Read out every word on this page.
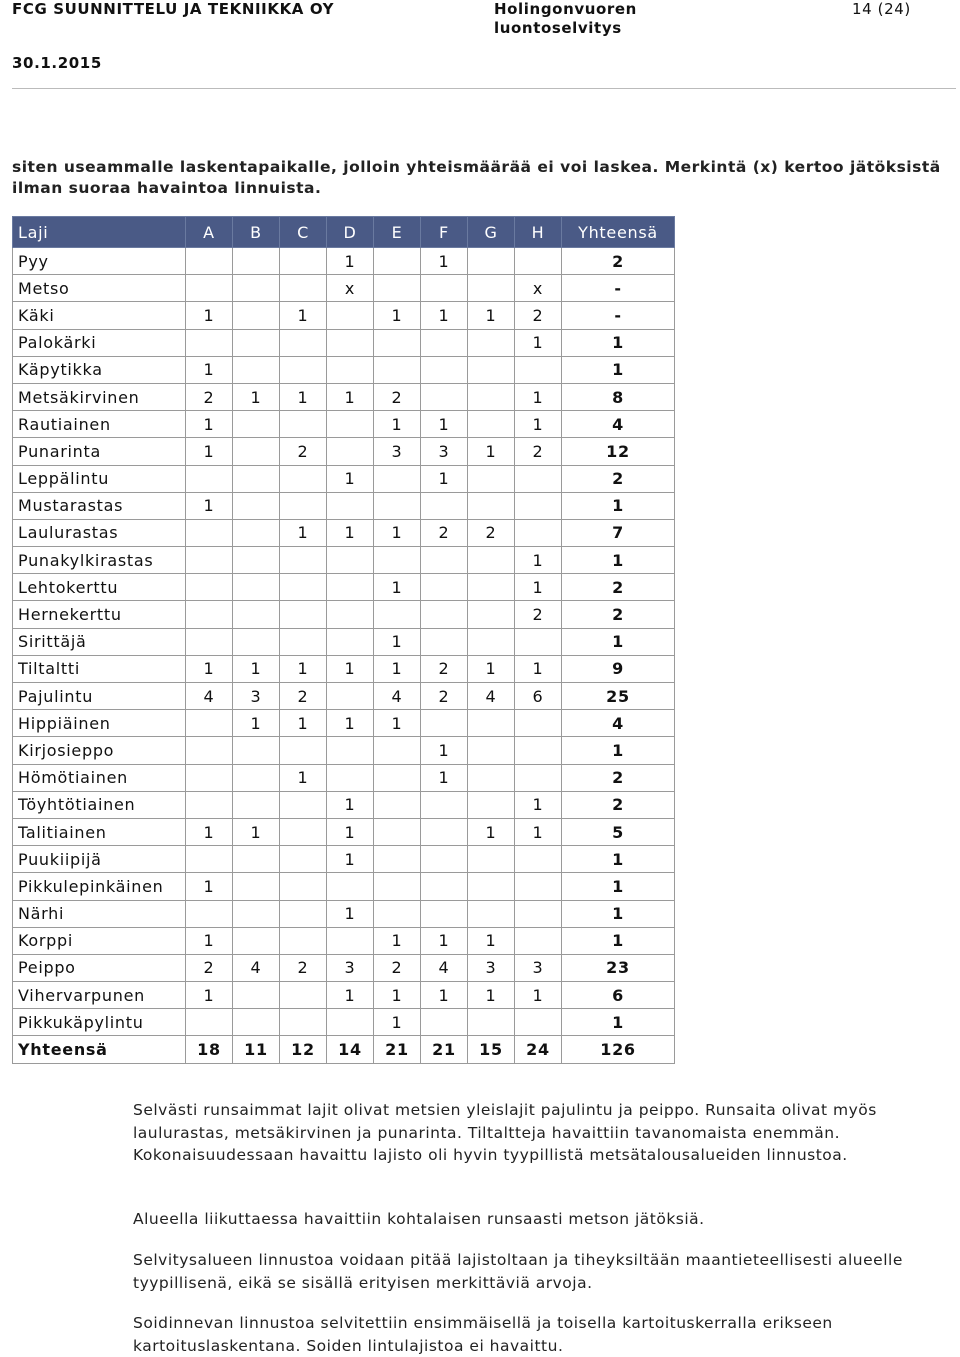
FCG SUUNNITTELU JA TEKNIIKKA OY	Holingonvuoren
luontoselvitys
14 (24)
30.1.2015
siten useammalle laskentapaikalle, jolloin yhteismäärää ei voi laskea. Merkintä (x) kertoo jätöksistä ilman suoraa havaintoa linnuista.
Laji	A	B	C	D	E	F	G	H	Yhteensä
Pyy				1		1			2
Metso				x				x	-
Käki	1		1		1	1	1	2	-
Palokärki								1	1
Käpytikka	1								1
Metsäkirvinen	2	1	1	1	2			1	8
Rautiainen	1				1	1		1	4
Punarinta	1		2		3	3	1	2	12
Leppälintu				1		1			2
Mustarastas	1								1
Laulurastas			1	1	1	2	2		7
Punakylkirastas								1	1
Lehtokerttu					1			1	2
Hernekerttu								2	2
Sirittäjä					1				1
Tiltaltti	1	1	1	1	1	2	1	1	9
Pajulintu	4	3	2		4	2	4	6	25
Hippiäinen		1	1	1	1				4
Kirjosieppo						1			1
Hömötiainen			1			1			2
Töyhtötiainen				1				1	2
Talitiainen	1	1		1			1	1	5
Puukiipijä				1					1
Pikkulepinkäinen	1								1
Närhi				1					1
Korppi	1				1	1	1		1
Peippo	2	4	2	3	2	4	3	3	23
Vihervarpunen	1			1	1	1	1	1	6
Pikkukäpylintu					1				1
Yhteensä	18	11	12	14	21	21	15	24	126
Selvästi runsaimmat lajit olivat metsien yleislajit pajulintu ja peippo. Runsaita olivat myös laulurastas, metsäkirvinen ja punarinta. Tiltaltteja havaittiin tavanomaista enemmän. Kokonaisuudessaan havaittu lajisto oli hyvin tyypillistä metsätalousalueiden linnustoa.
Alueella liikuttaessa havaittiin kohtalaisen runsaasti metson jätöksiä.
Selvitysalueen linnustoa voidaan pitää lajistoltaan ja tiheyksiltään maantieteellisesti alueelle tyypillisenä, eikä se sisällä erityisen merkittäviä arvoja.
Soidinnevan linnustoa selvitettiin ensimmäisellä ja toisella kartoituskerralla erikseen kartoituslaskentana. Soiden lintulajistoa ei havaittu.
